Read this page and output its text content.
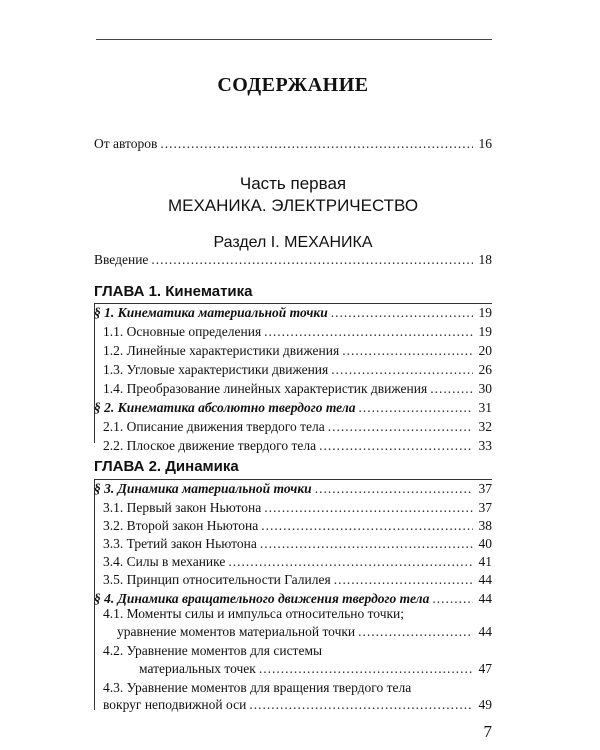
СОДЕРЖАНИЕ
От авторов .....	16
Часть первая
МЕХАНИКА. ЭЛЕКТРИЧЕСТВО
Раздел I. МЕХАНИКА
Введение .....	18
ГЛАВА 1. Кинематика
§ 1. Кинематика материальной точки .....	19
1.1. Основные определения .....	19
1.2. Линейные характеристики движения .....	20
1.3. Угловые характеристики движения .....	26
1.4. Преобразование линейных характеристик движения .....	30
§ 2. Кинематика абсолютно твердого тела .....	31
2.1. Описание движения твердого тела .....	32
2.2. Плоское движение твердого тела .....	33
ГЛАВА 2. Динамика
§ 3. Динамика материальной точки .....	37
3.1. Первый закон Ньютона .....	37
3.2. Второй закон Ньютона .....	38
3.3. Третий закон Ньютона .....	40
3.4. Силы в механике .....	41
3.5. Принцип относительности Галилея .....	44
§ 4. Динамика вращательного движения твердого тела .....	44
4.1. Моменты силы и импульса относительно точки;
уравнение моментов материальной точки .....	44
4.2. Уравнение моментов для системы
материальных точек .....	47
4.3. Уравнение моментов для вращения твердого тела
вокруг неподвижной оси .....	49
7
